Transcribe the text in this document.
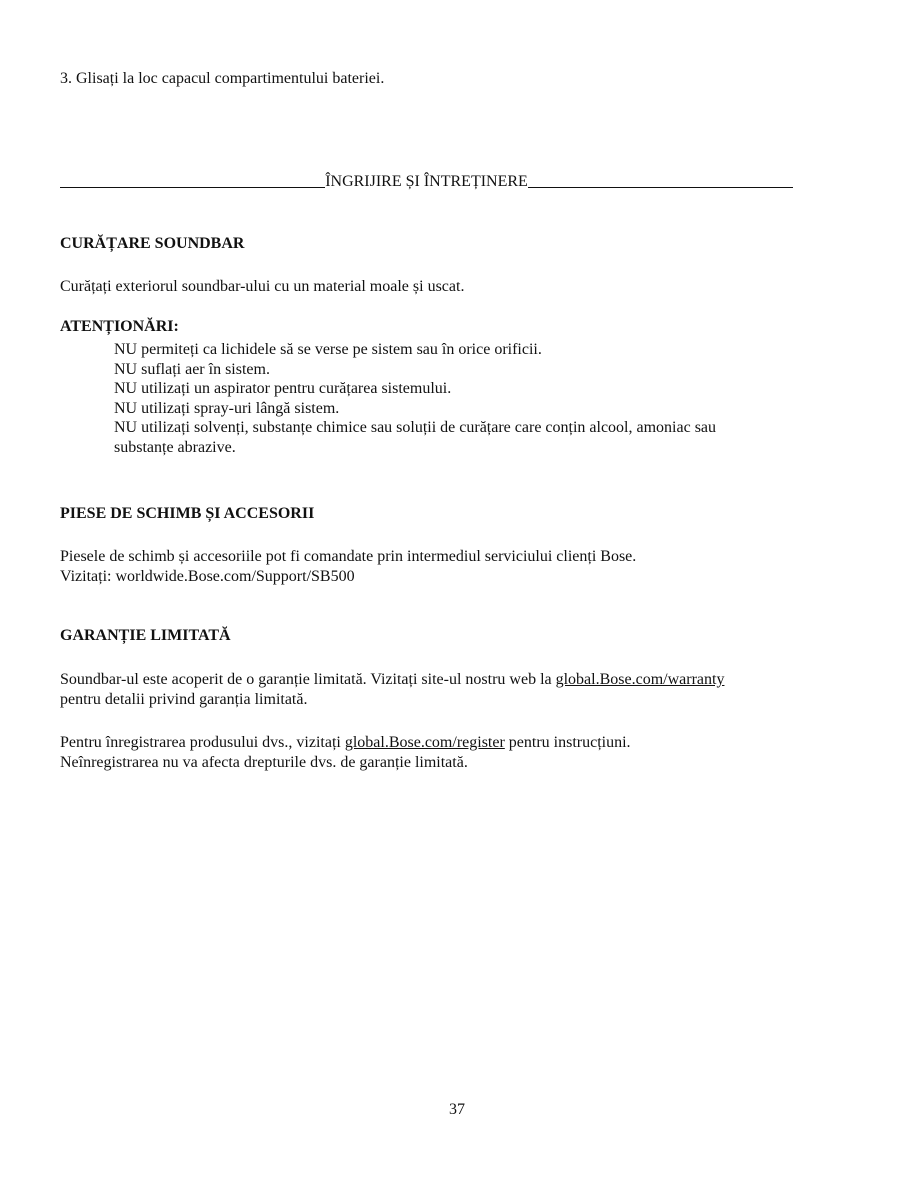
3. Glisați la loc capacul compartimentului bateriei.
ÎNGRIJIRE ȘI ÎNTREȚINERE
CURĂȚARE SOUNDBAR
Curățați exteriorul soundbar-ului cu un material moale și uscat.
ATENȚIONĂRI:
NU permiteți ca lichidele să se verse pe sistem sau în orice orificii.
NU suflați aer în sistem.
NU utilizați un aspirator pentru curățarea sistemului.
NU utilizați spray-uri lângă sistem.
NU utilizați solvenți, substanțe chimice sau soluții de curățare care conțin alcool, amoniac sau
substanțe abrazive.
PIESE DE SCHIMB ȘI ACCESORII
Piesele de schimb și accesoriile pot fi comandate prin intermediul serviciului clienți Bose.
Vizitați: worldwide.Bose.com/Support/SB500
GARANȚIE LIMITATĂ
Soundbar-ul este acoperit de o garanție limitată. Vizitați site-ul nostru web la global.Bose.com/warranty
pentru detalii privind garanția limitată.
Pentru înregistrarea produsului dvs., vizitați global.Bose.com/register pentru instrucțiuni.
Neînregistrarea nu va afecta drepturile dvs. de garanție limitată.
37
